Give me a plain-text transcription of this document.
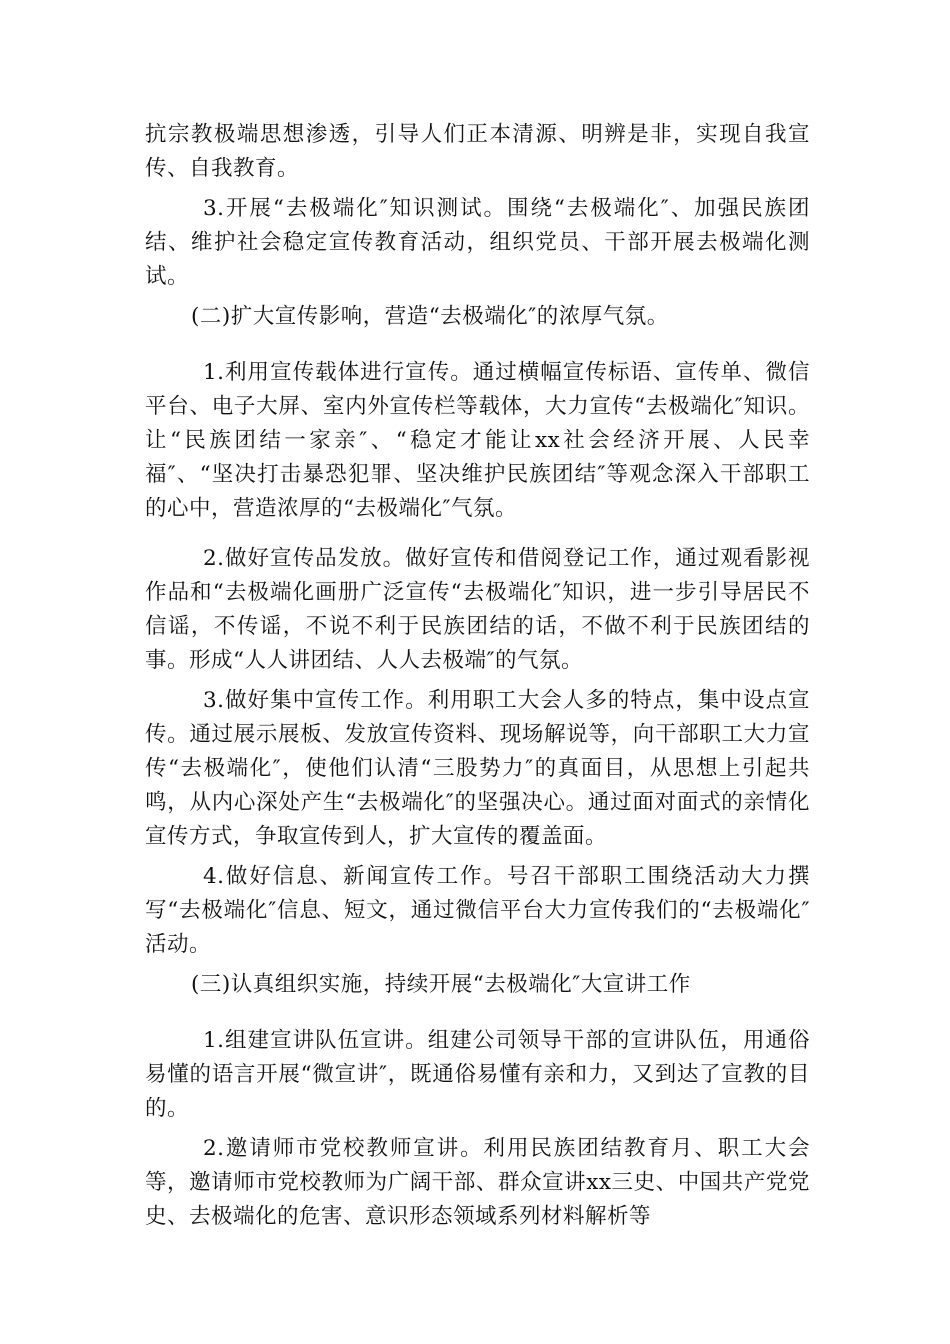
抗宗教极端思想渗透，引导人们正本清源、明辨是非，实现自我宣传、自我教育。

3.开展“去极端化″知识测试。围绕“去极端化″、加强民族团结、维护社会稳定宣传教育活动，组织党员、干部开展去极端化测试。

(二)扩大宣传影响，营造“去极端化″的浓厚气氛。

1.利用宣传载体进行宣传。通过横幅宣传标语、宣传单、微信平台、电子大屏、室内外宣传栏等载体，大力宣传“去极端化″知识。让“民族团结一家亲″、“稳定才能让xx社会经济开展、人民幸福″、“坚决打击暴恐犯罪、坚决维护民族团结″等观念深入干部职工的心中，营造浓厚的“去极端化″气氛。

2.做好宣传品发放。做好宣传和借阅登记工作，通过观看影视作品和“去极端化画册广泛宣传“去极端化″知识，进一步引导居民不信谣，不传谣，不说不利于民族团结的话，不做不利于民族团结的事。形成“人人讲团结、人人去极端″的气氛。

3.做好集中宣传工作。利用职工大会人多的特点，集中设点宣传。通过展示展板、发放宣传资料、现场解说等，向干部职工大力宣传“去极端化″，使他们认清“三股势力″的真面目，从思想上引起共鸣，从内心深处产生“去极端化″的坚强决心。通过面对面式的亲情化宣传方式，争取宣传到人，扩大宣传的覆盖面。

4.做好信息、新闻宣传工作。号召干部职工围绕活动大力撰写“去极端化″信息、短文，通过微信平台大力宣传我们的“去极端化″活动。

(三)认真组织实施，持续开展“去极端化″大宣讲工作

1.组建宣讲队伍宣讲。组建公司领导干部的宣讲队伍，用通俗易懂的语言开展“微宣讲″，既通俗易懂有亲和力，又到达了宣教的目的。

2.邀请师市党校教师宣讲。利用民族团结教育月、职工大会等，邀请师市党校教师为广阔干部、群众宣讲xx三史、中国共产党党史、去极端化的危害、意识形态领域系列材料解析等
